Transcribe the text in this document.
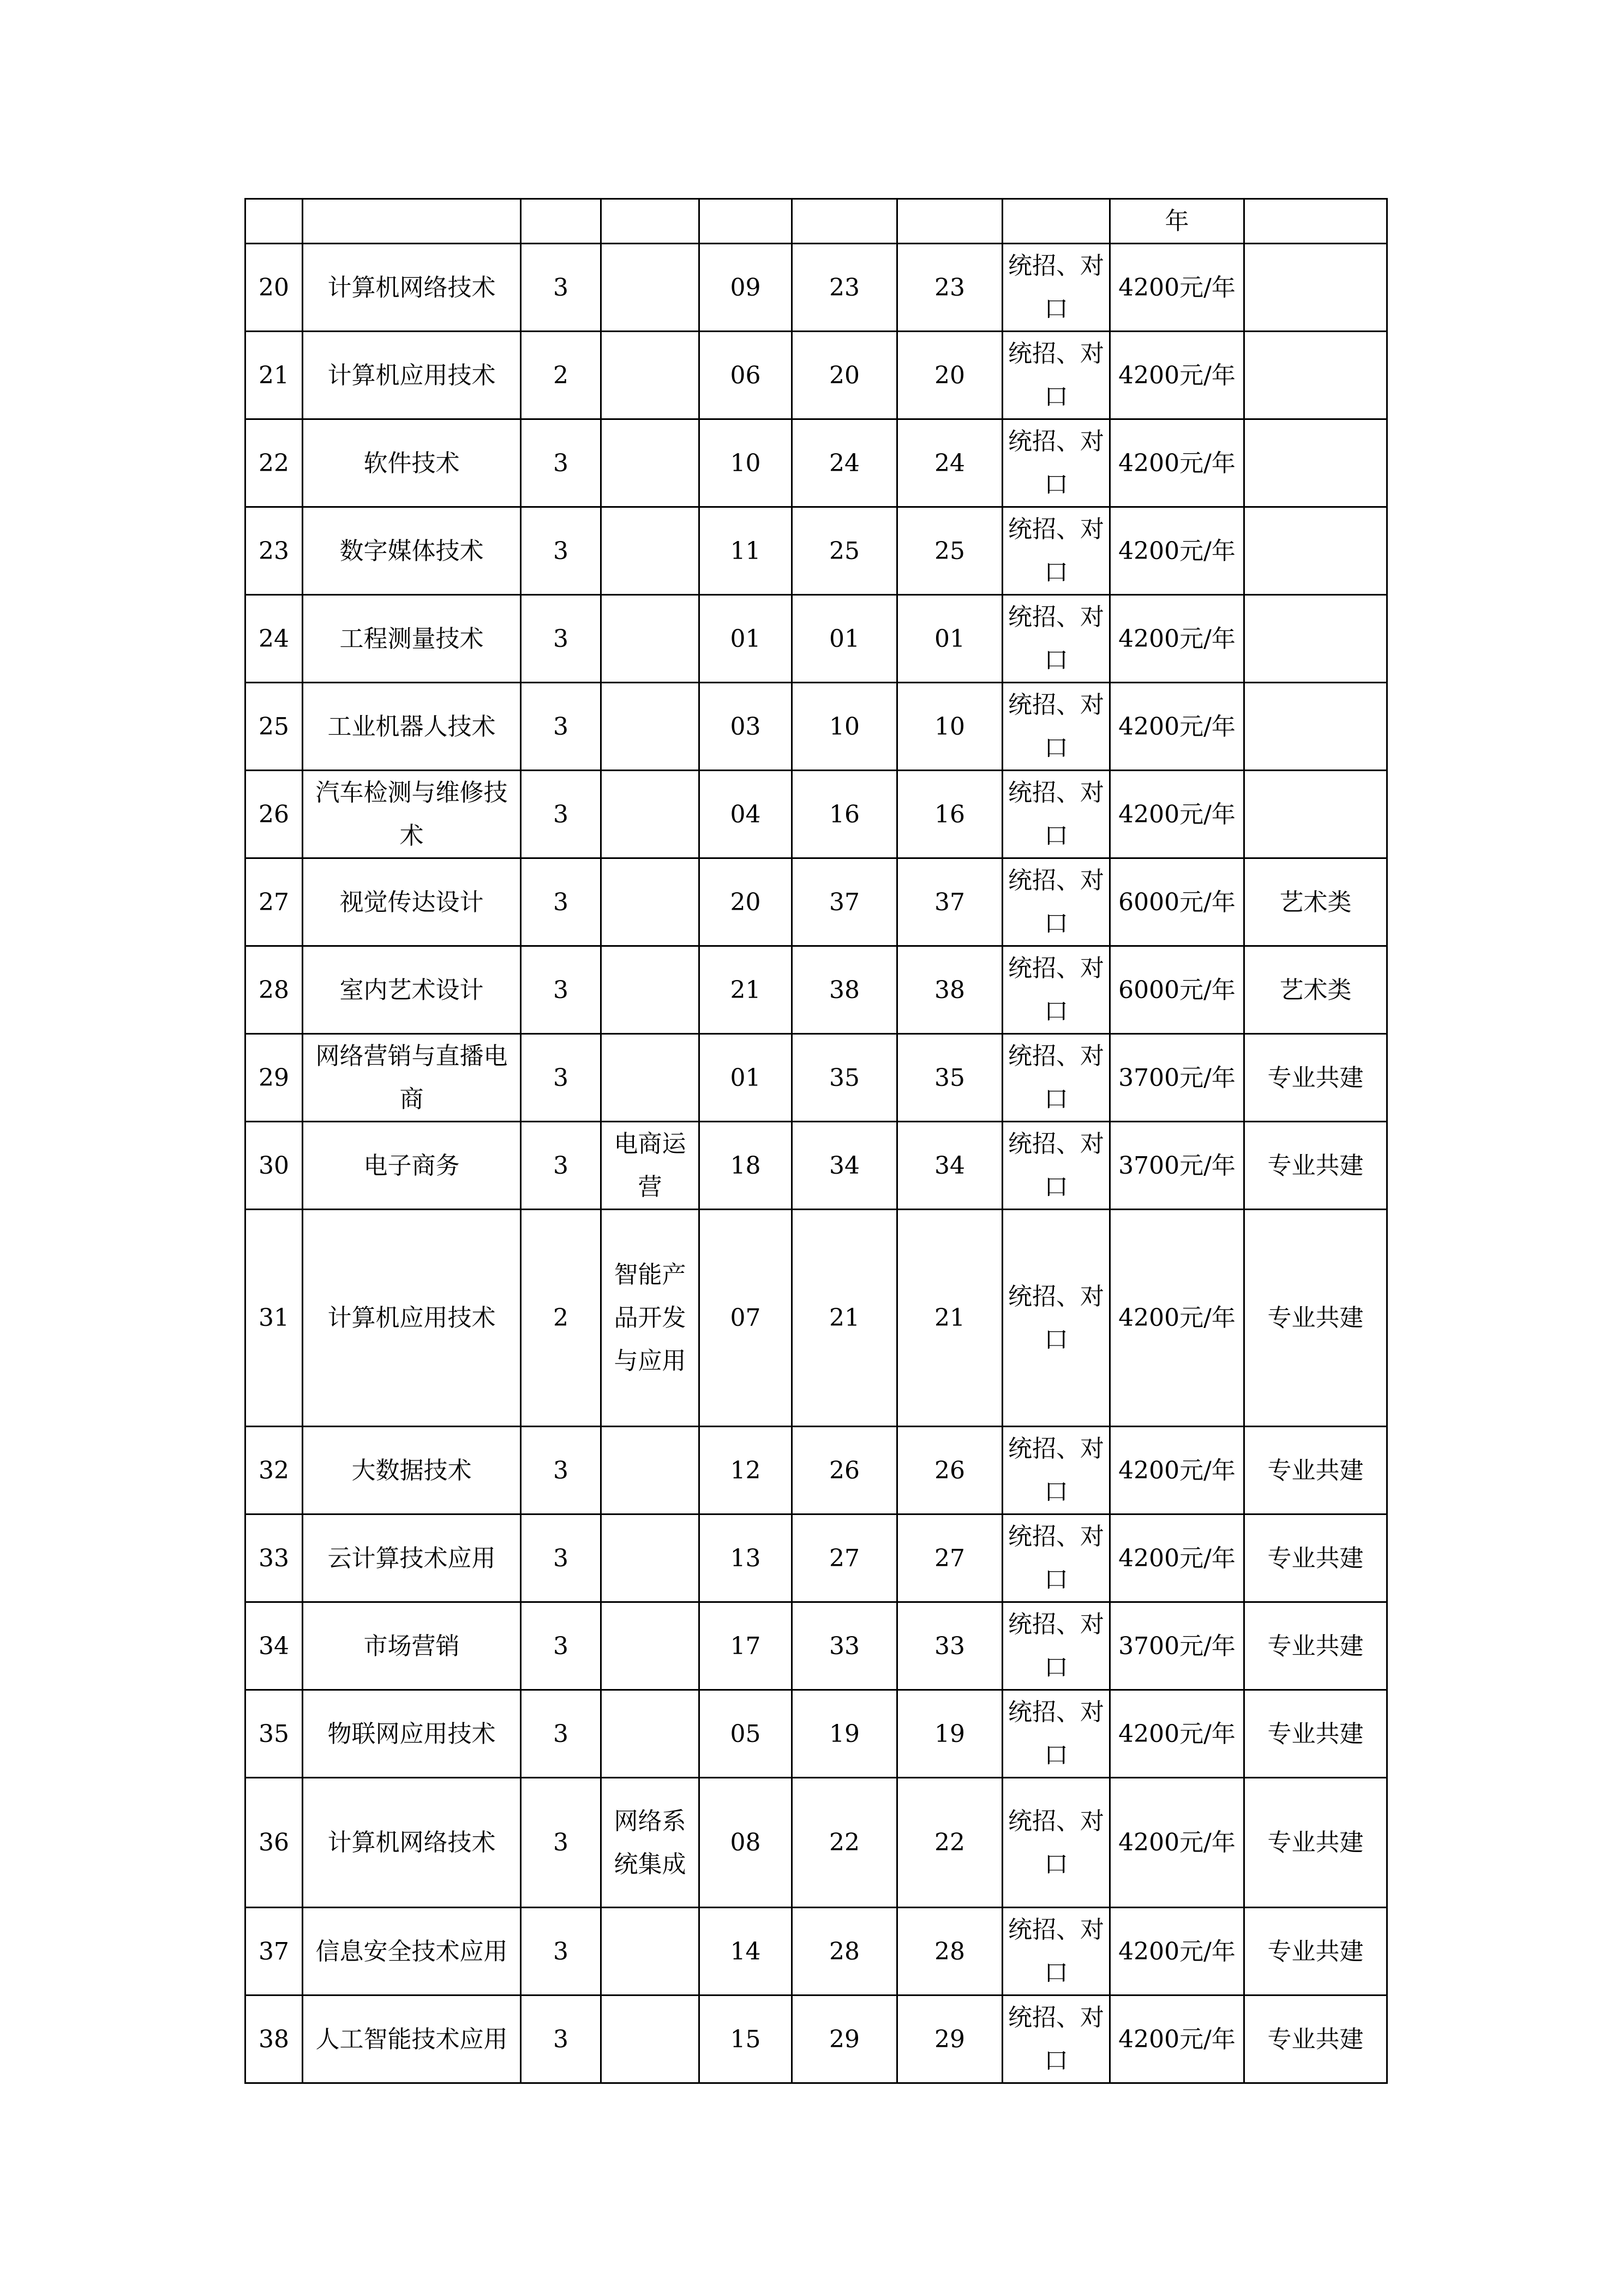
								年	
20	计算机网络技术	3		09	23	23	统招、对口	4200元/年	
21	计算机应用技术	2		06	20	20	统招、对口	4200元/年	
22	软件技术	3		10	24	24	统招、对口	4200元/年	
23	数字媒体技术	3		11	25	25	统招、对口	4200元/年	
24	工程测量技术	3		01	01	01	统招、对口	4200元/年	
25	工业机器人技术	3		03	10	10	统招、对口	4200元/年	
26	汽车检测与维修技术	3		04	16	16	统招、对口	4200元/年	
27	视觉传达设计	3		20	37	37	统招、对口	6000元/年	艺术类
28	室内艺术设计	3		21	38	38	统招、对口	6000元/年	艺术类
29	网络营销与直播电商	3		01	35	35	统招、对口	3700元/年	专业共建
30	电子商务	3	电商运营	18	34	34	统招、对口	3700元/年	专业共建
31	计算机应用技术	2	智能产品开发与应用	07	21	21	统招、对口	4200元/年	专业共建
32	大数据技术	3		12	26	26	统招、对口	4200元/年	专业共建
33	云计算技术应用	3		13	27	27	统招、对口	4200元/年	专业共建
34	市场营销	3		17	33	33	统招、对口	3700元/年	专业共建
35	物联网应用技术	3		05	19	19	统招、对口	4200元/年	专业共建
36	计算机网络技术	3	网络系统集成	08	22	22	统招、对口	4200元/年	专业共建
37	信息安全技术应用	3		14	28	28	统招、对口	4200元/年	专业共建
38	人工智能技术应用	3		15	29	29	统招、对口	4200元/年	专业共建
